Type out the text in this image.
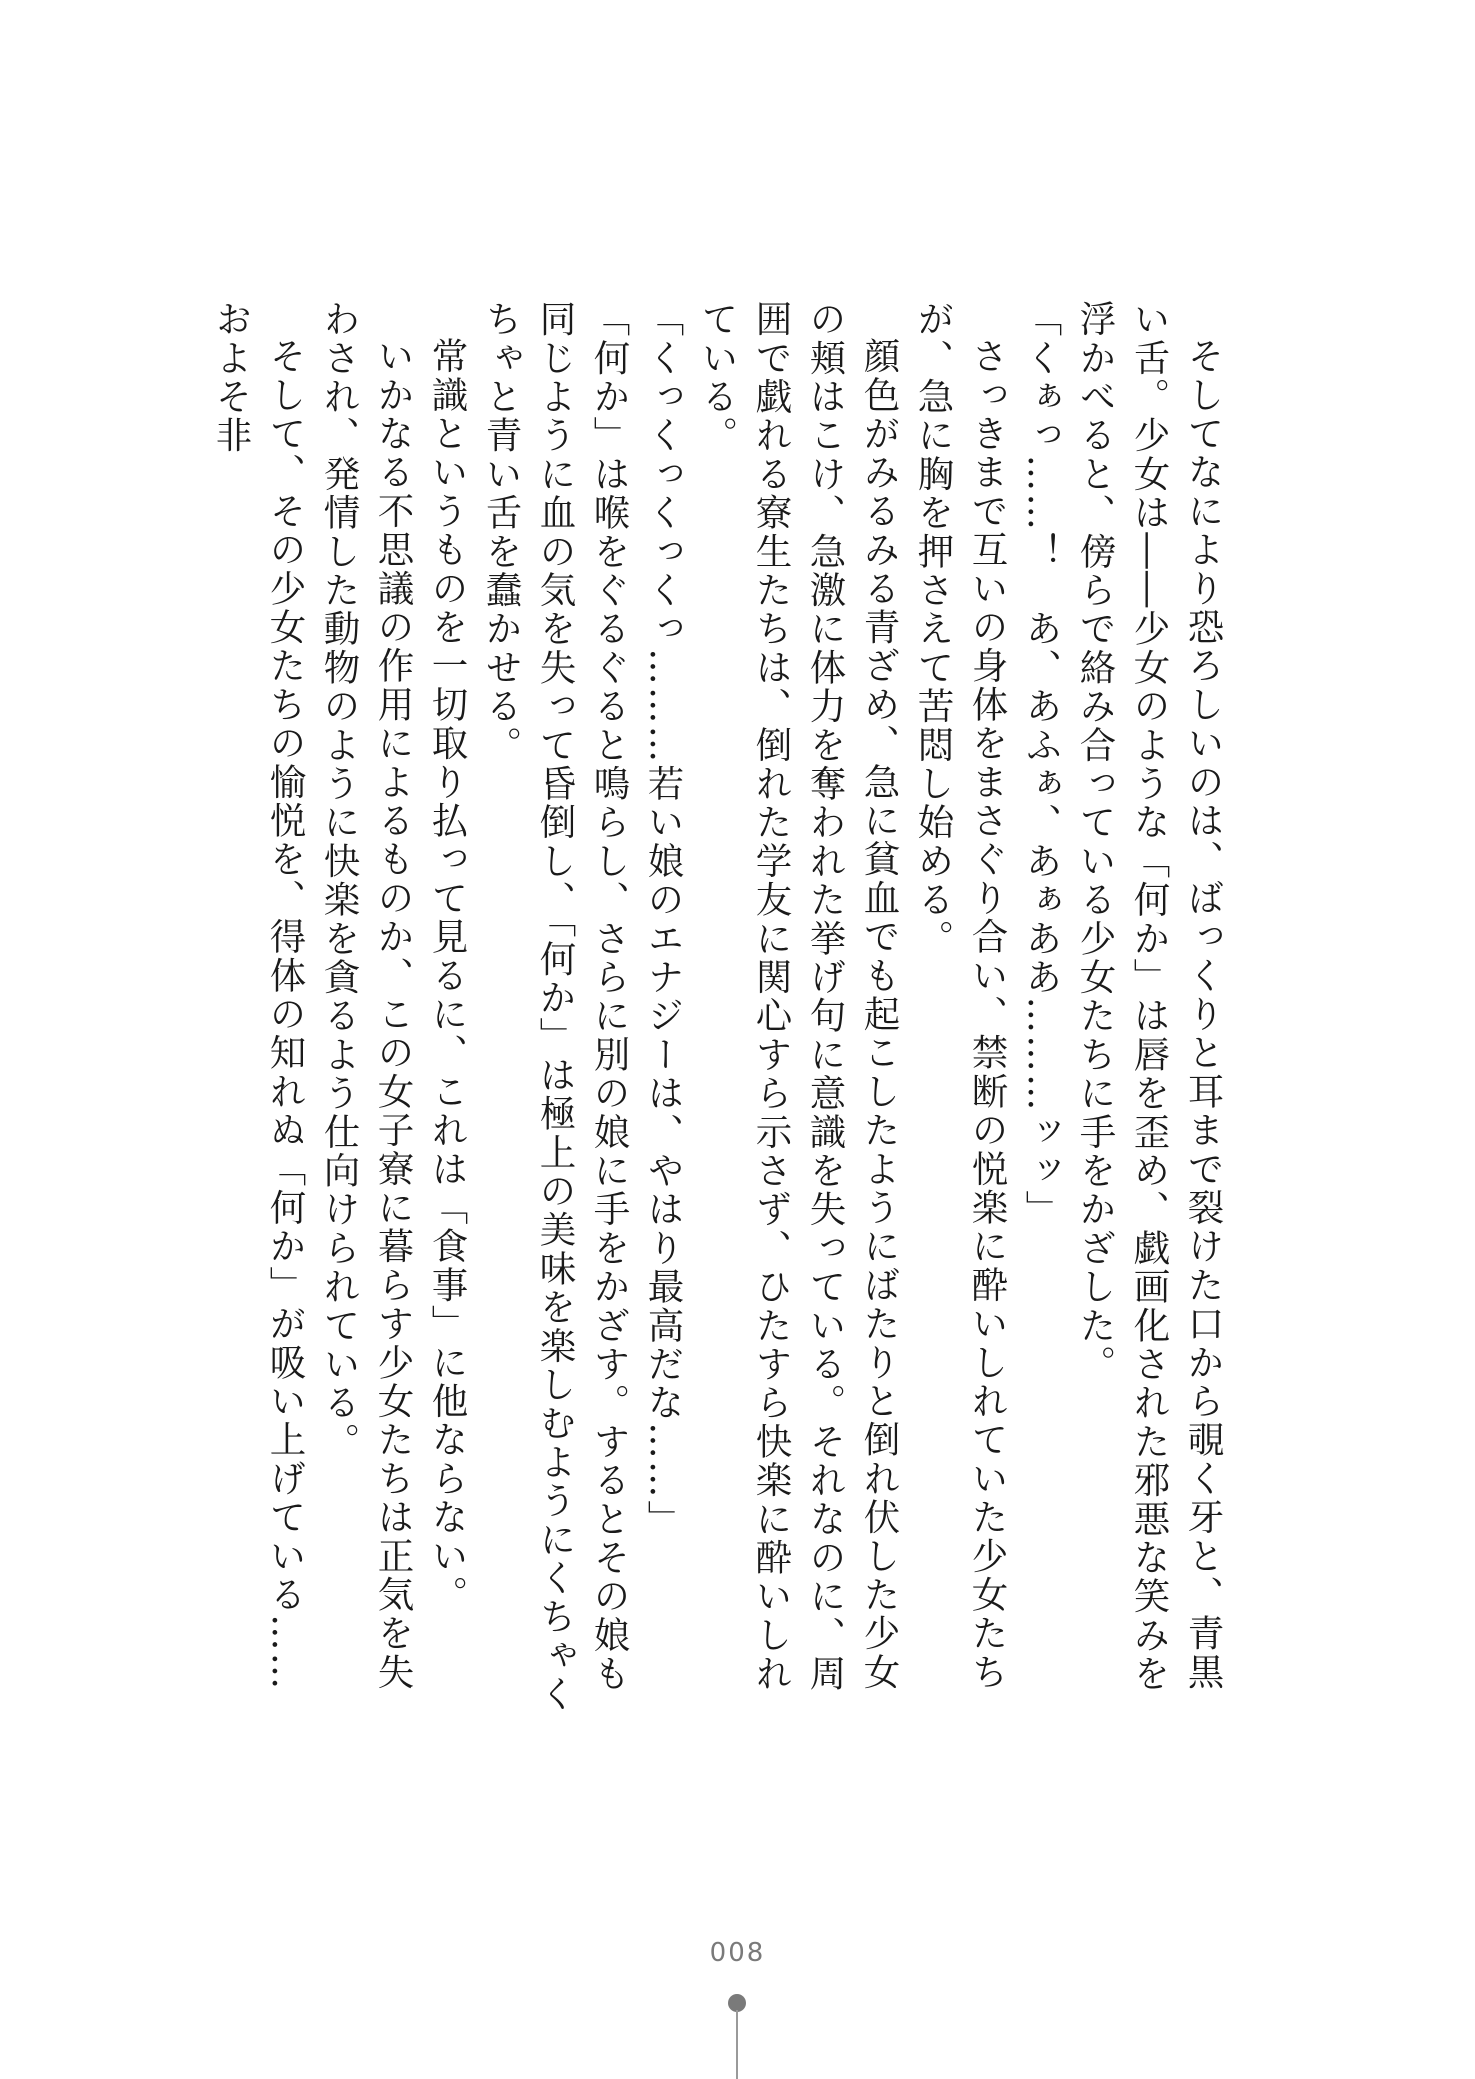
そしてなにより恐ろしいのは、ばっくりと耳まで裂けた口から覗く牙と、青黒い舌。少女は――少女のような「何か」は唇を歪め、戯画化された邪悪な笑みを浮かべると、傍らで絡み合っている少女たちに手をかざした。

「くぁっ……！　あ、あふぁ、あぁああ………ッッ」

さっきまで互いの身体をまさぐり合い、禁断の悦楽に酔いしれていた少女たちが、急に胸を押さえて苦悶し始める。

顔色がみるみる青ざめ、急に貧血でも起こしたようにばたりと倒れ伏した少女の頬はこけ、急激に体力を奪われた挙げ句に意識を失っている。それなのに、周囲で戯れる寮生たちは、倒れた学友に関心すら示さず、ひたすら快楽に酔いしれている。

「くっくっくっくっ………若い娘のエナジーは、やはり最高だな……」

「何か」は喉をぐるぐると鳴らし、さらに別の娘に手をかざす。するとその娘も同じように血の気を失って昏倒し、「何か」は極上の美味を楽しむようにくちゃくちゃと青い舌を蠢かせる。

常識というものを一切取り払って見るに、これは「食事」に他ならない。

いかなる不思議の作用によるものか、この女子寮に暮らす少女たちは正気を失わされ、発情した動物のように快楽を貪るよう仕向けられている。

そして、その少女たちの愉悦を、得体の知れぬ「何か」が吸い上げている……およそ非

008
